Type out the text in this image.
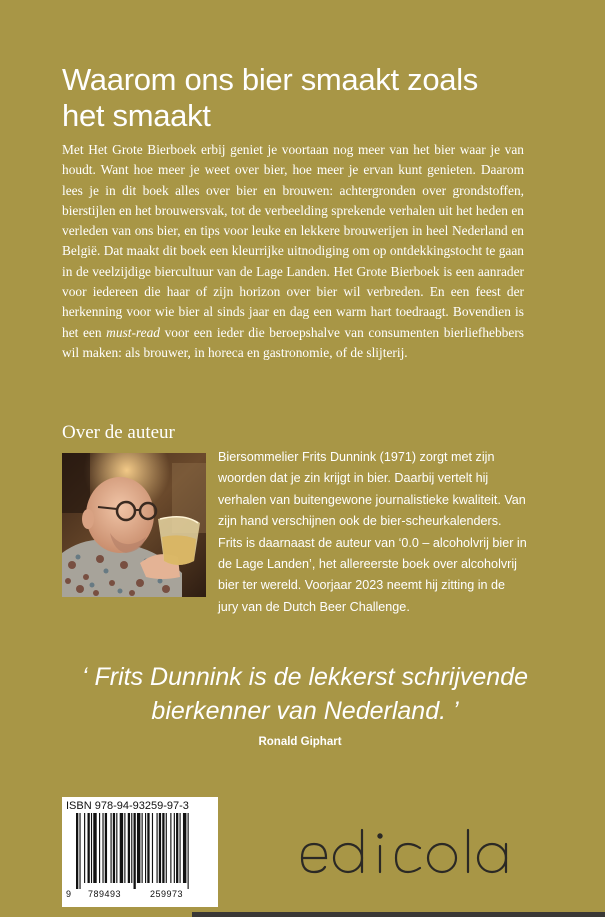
Waarom ons bier smaakt zoals
het smaakt

Met Het Grote Bierboek erbij geniet je voortaan nog meer van het bier waar je van houdt. Want hoe meer je weet over bier, hoe meer je ervan kunt genieten. Daarom lees je in dit boek alles over bier en brouwen: achtergronden over grondstoffen, bierstijlen en het brouwersvak, tot de verbeelding sprekende verhalen uit het heden en verleden van ons bier, en tips voor leuke en lekkere brouwerijen in heel Nederland en België. Dat maakt dit boek een kleurrijke uitnodiging om op ontdekkingstocht te gaan in de veelzijdige biercultuur van de Lage Landen. Het Grote Bierboek is een aanrader voor iedereen die haar of zijn horizon over bier wil verbreden. En een feest der herkenning voor wie bier al sinds jaar en dag een warm hart toedraagt. Bovendien is het een must-read voor een ieder die beroepshalve van consumenten bierliefhebbers wil maken: als brouwer, in horeca en gastronomie, of de slijterij.

Over de auteur

Biersommelier Frits Dunnink (1971) zorgt met zijn woorden dat je zin krijgt in bier. Daarbij vertelt hij verhalen van buitengewone journalistieke kwaliteit. Van zijn hand verschijnen ook de bier-scheurkalenders. Frits is daarnaast de auteur van ‘0.0 – alcoholvrij bier in de Lage Landen’, het allereerste boek over alcoholvrij bier ter wereld. Voorjaar 2023 neemt hij zitting in de jury van de Dutch Beer Challenge.

‘ Frits Dunnink is de lekkerst schrijvende
bierkenner van Nederland. ’

Ronald Giphart
ISBN 978-94-93259-97-3
9 789493	259973
